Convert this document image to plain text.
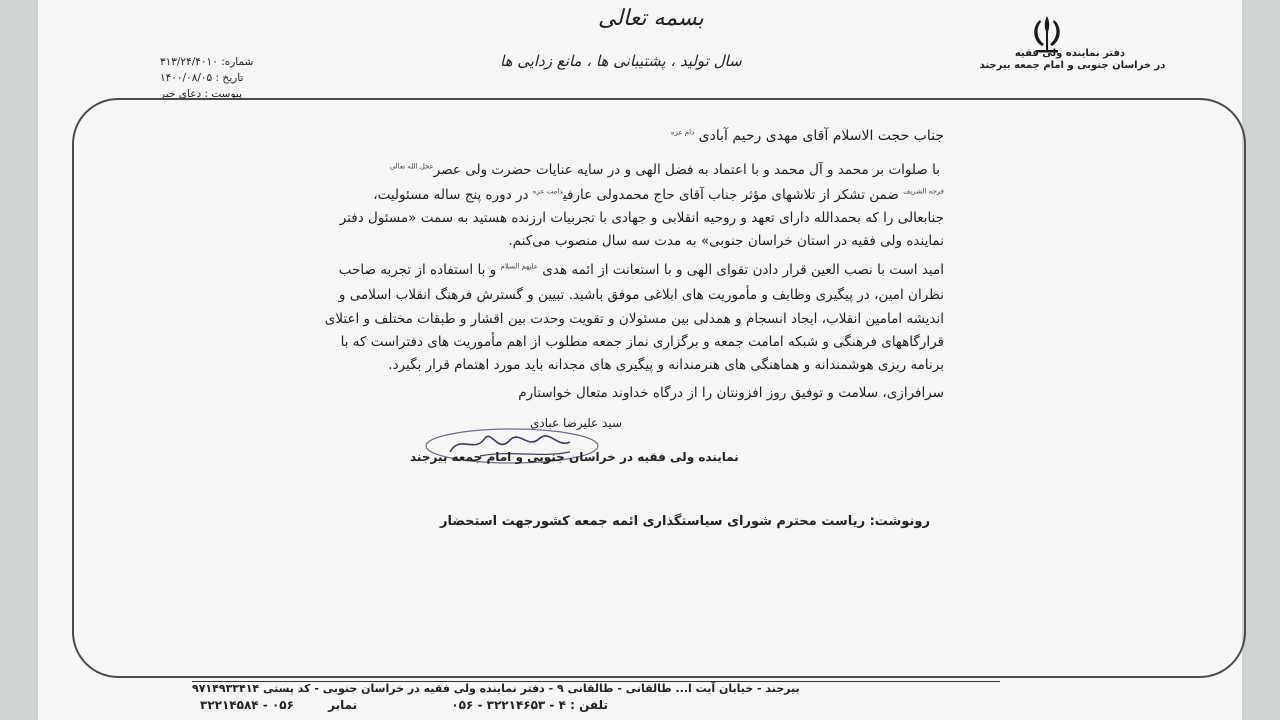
دفتر نماینده ولی فقیه
در خراسان جنوبی و امام جمعه بیرجند
بسمه تعالی
سال تولید ، پشتیبانی ها ، مانع زدایی ها
شماره: ۳۱۳/۲۴/۴۰۱۰
تاریخ : ۱۴۰۰/۰۸/۰۵
پیوست : دعای خیر
جناب حجت الاسلام آقای مهدی رحیم آبادی $^{دام عزه}$
با صلوات بر محمد و آل محمد و با اعتماد به فضل الهی و در سایه عنایات حضرت ولی عصر$^{عجل الله تعالی}$
$^{فرجه الشریف}$ ضمن تشکر از تلاشهای مؤثر جناب آقای حاج محمدولی عارفی$^{دامت عزه}$ در دوره پنج ساله مسئولیت،
جنابعالی را که بحمدالله دارای تعهد و روحیه انقلابی و جهادی با تجربیات ارزنده هستید به سمت «مسئول دفتر
نماینده ولی فقیه در استان خراسان جنوبی» به مدت سه سال منصوب می‌کنم.
امید است با نصب العین قرار دادن تقوای الهی و با استعانت از ائمه هدی $^{علیهم السلام}$ و با استفاده از تجربه صاحب
نظران امین، در پیگیری وظایف و مأموریت های ابلاغی موفق باشید. تبیین و گسترش فرهنگ انقلاب اسلامی و
اندیشه امامین انقلاب، ایجاد انسجام و همدلی بین مسئولان و تقویت وحدت بین اقشار و طبقات مختلف و اعتلای
قرارگاههای فرهنگی و شبکه امامت جمعه و برگزاری نماز جمعه مطلوب از اهم مأموریت های دفتراست که با
برنامه ریزی هوشمندانه و هماهنگی های هنرمندانه و پیگیری های مجدانه باید مورد اهتمام قرار بگیرد.
سرافرازی، سلامت و توفیق روز افزونتان را از درگاه خداوند متعال خواستارم
سید علیرضا عبادی
نماینده ولی فقیه در خراسان جنوبی و امام جمعه بیرجند
رونوشت: ریاست محترم شورای سیاستگذاری ائمه جمعه کشورجهت استحضار
بیرجند - خیابان آیت ا... طالقانی - طالقانی ۹ - دفتر نماینده ولی فقیه در خراسان جنوبی - کد پستی ۹۷۱۴۹۳۳۴۱۴
تلفن : ۴ - ۳۲۲۱۴۶۵۳ - ۰۵۶ نمابر ۰۵۶ - ۳۲۲۱۴۵۸۴
